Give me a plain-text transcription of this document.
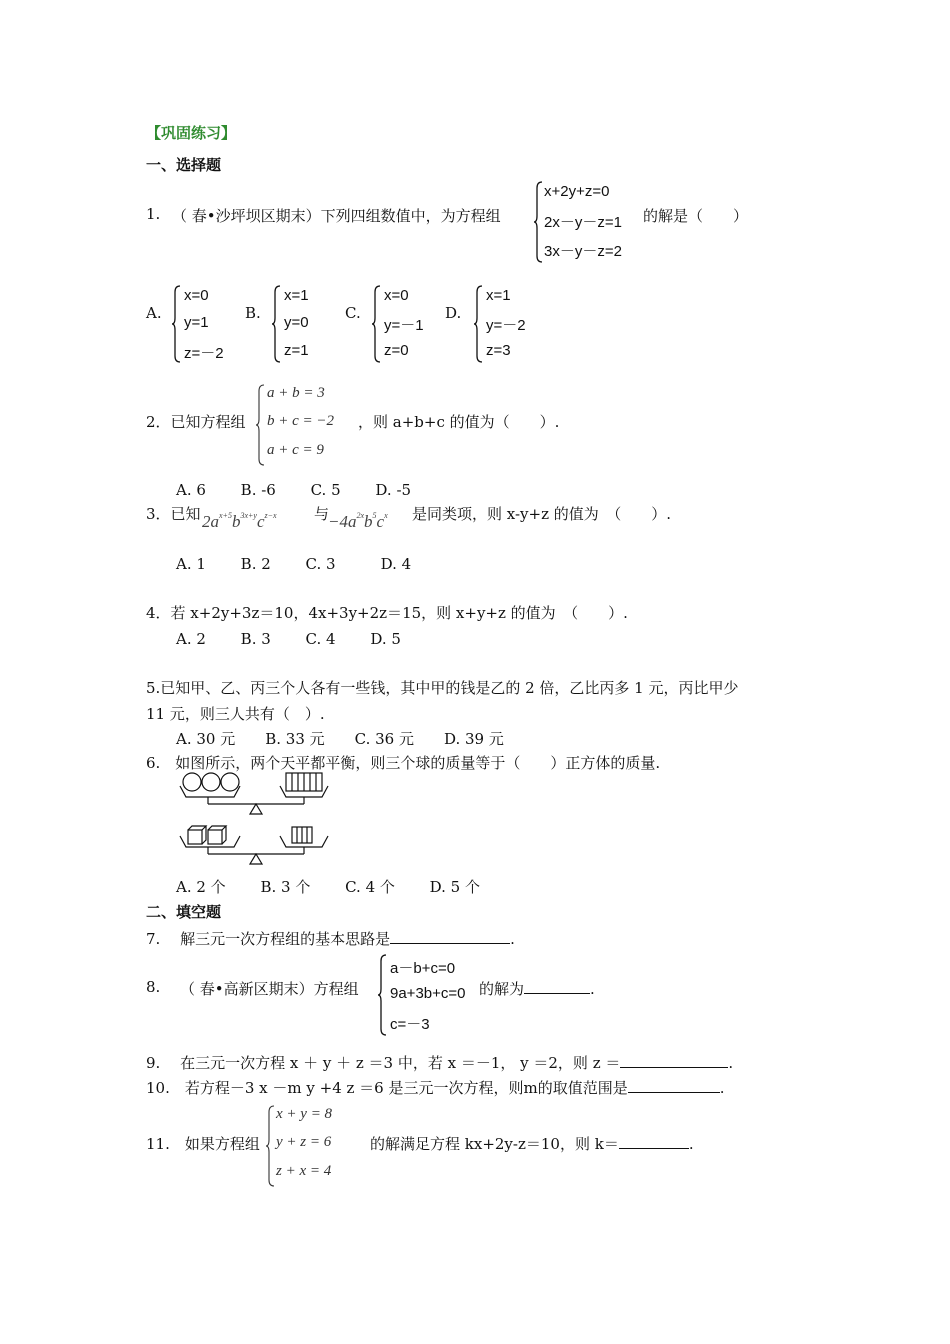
【巩固练习】
一、选择题
1. （ 春•沙坪坝区期末）下列四组数值中，为方程组
x+2y+z=0
2x－y－z=1
3x－y－z=2
的解是（　　）
A.
x=0
y=1
z=－2
B.
x=1
y=0
z=1
C.
x=0
y=－1
z=0
D.
x=1
y=－2
z=3
2．已知方程组
a + b = 3
b + c = −2
a + c = 9
，则 a+b+c 的值为（　　）.
A. 6　 　B. -6　　 C. 5　　 D. -5
3．已知 $2a^{x+5}b^{3x+y}c^{z-x}$ 与
$-4a^{2x}b^5c^x$ 是同类项，则 x-y+z 的值为　（　　）.
A. 1　　 B. 2　　 C. 3　　　D. 4
4．若 x+2y+3z＝10，4x+3y+2z＝15，则 x+y+z 的值为　（　　）.
A. 2　　 B. 3　　 C. 4　　 D. 5
5.已知甲、乙、丙三个人各有一些钱，其中甲的钱是乙的 2 倍，乙比丙多 1 元，丙比甲少
11 元，则三人共有（　）.
A. 30 元　　B. 33 元　　C. 36 元　　D. 39 元
6.　如图所示，两个天平都平衡，则三个球的质量等于（　　）正方体的质量.
A. 2 个　　 B. 3 个　　 C. 4 个　　 D. 5 个
二、填空题
7.　 解三元一次方程组的基本思路是	.
8. （ 春•高新区期末）方程组
a－b+c=0
9a+3b+c=0
c=－3
的解为	.
9.　 在三元一次方程 x ＋ y ＋ z ＝3 中，若 x ＝－1， y ＝2，则 z ＝	.
10.　若方程－3 x －m y +4 z ＝6 是三元一次方程，则m的取值范围是	.
11.　如果方程组
x + y = 8
y + z = 6
z + x = 4
的解满足方程 kx+2y-z＝10，则 k＝	.
